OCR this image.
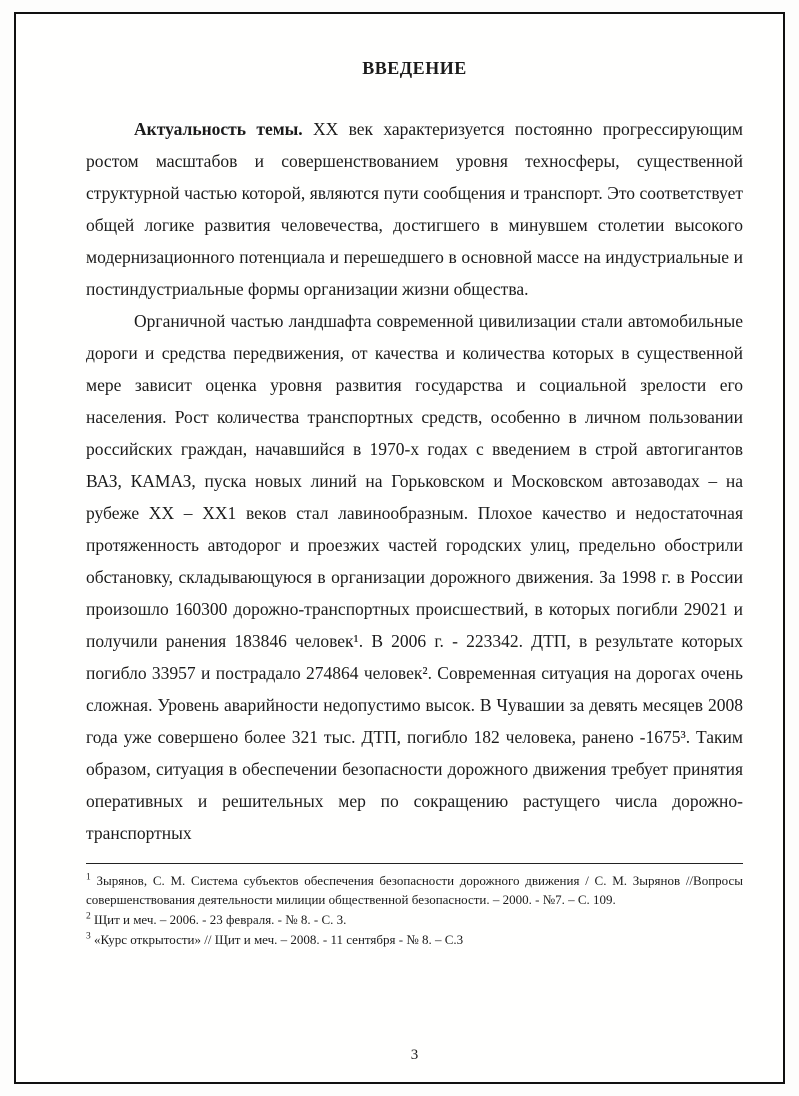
ВВЕДЕНИЕ

Актуальность темы. XX век характеризуется постоянно прогрессирующим ростом масштабов и совершенствованием уровня техносферы, существенной структурной частью которой, являются пути сообщения и транспорт. Это соответствует общей логике развития человечества, достигшего в минувшем столетии высокого модернизационного потенциала и перешедшего в основной массе на индустриальные и постиндустриальные формы организации жизни общества.

Органичной частью ландшафта современной цивилизации стали автомобильные дороги и средства передвижения, от качества и количества которых в существенной мере зависит оценка уровня развития государства и социальной зрелости его населения. Рост количества транспортных средств, особенно в личном пользовании российских граждан, начавшийся в 1970-х годах с введением в строй автогигантов ВАЗ, КАМАЗ, пуска новых линий на Горьковском и Московском автозаводах – на рубеже XX – XX1 веков стал лавинообразным. Плохое качество и недостаточная протяженность автодорог и проезжих частей городских улиц, предельно обострили обстановку, складывающуюся в организации дорожного движения. За 1998 г. в России произошло 160300 дорожно-транспортных происшествий, в которых погибли 29021 и получили ранения 183846 человек¹. В 2006 г. - 223342. ДТП, в результате которых погибло 33957 и пострадало 274864 человек². Современная ситуация на дорогах очень сложная. Уровень аварийности недопустимо высок. В Чувашии за девять месяцев 2008 года уже совершено более 321 тыс. ДТП, погибло 182 человека, ранено -1675³. Таким образом, ситуация в обеспечении безопасности дорожного движения требует принятия оперативных и решительных мер по сокращению растущего числа дорожно-транспортных

$^1$ Зырянов, С. М. Система субъектов обеспечения безопасности дорожного движения / С. М. Зырянов //Вопросы совершенствования деятельности милиции общественной безопасности. – 2000. - №7. – С. 109.

$^2$ Щит и меч. – 2006. - 23 февраля. - № 8. - С. 3.

$^3$ «Курс открытости» // Щит и меч. – 2008. - 11 сентября - № 8. – С.3

3
